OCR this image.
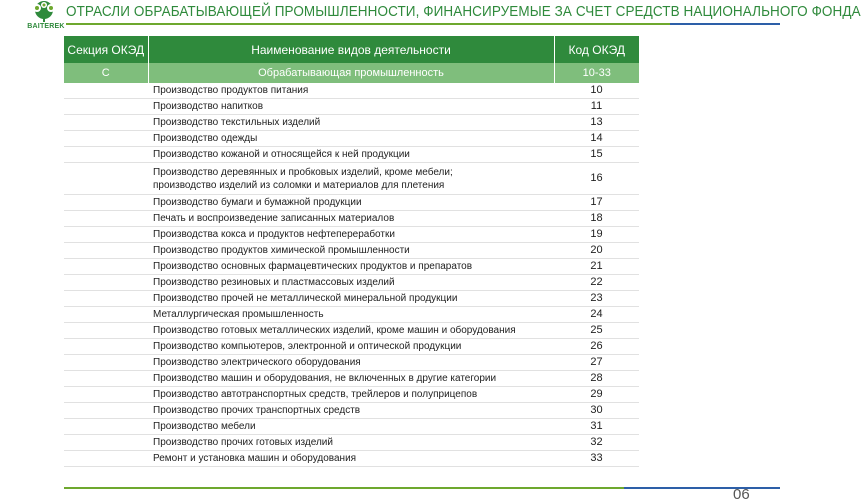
BAITEREK
ОТРАСЛИ ОБРАБАТЫВАЮЩЕЙ ПРОМЫШЛЕННОСТИ, ФИНАНСИРУЕМЫЕ ЗА СЧЕТ СРЕДСТВ НАЦИОНАЛЬНОГО ФОНДА
Секция ОКЭД	Наименование видов деятельности	Код ОКЭД
С	Обрабатывающая промышленность	10-33

	Производство продуктов питания	10

	Производство напитков	11

	Производство текстильных изделий	13

	Производство одежды	14

	Производство кожаной и относящейся к ней продукции	15

	Производство деревянных и пробковых изделий, кроме мебели;
производство изделий из соломки и материалов для плетения	16

	Производство бумаги и бумажной продукции	17

	Печать и воспроизведение записанных материалов	18

	Производства кокса и продуктов нефтепереработки	19

	Производство продуктов химической промышленности	20

	Производство основных фармацевтических продуктов и препаратов	21

	Производство резиновых и пластмассовых изделий	22

	Производство прочей не металлической минеральной продукции	23

	Металлургическая промышленность	24

	Производство готовых металлических изделий, кроме машин и оборудования	25

	Производство компьютеров, электронной и оптической продукции	26

	Производство электрического оборудования	27

	Производство машин и оборудования, не включенных в другие категории	28

	Производство автотранспортных средств, трейлеров и полуприцепов	29

	Производство прочих транспортных средств	30

	Производство мебели	31

	Производство прочих готовых изделий	32

	Ремонт и установка машин и оборудования	33
06
